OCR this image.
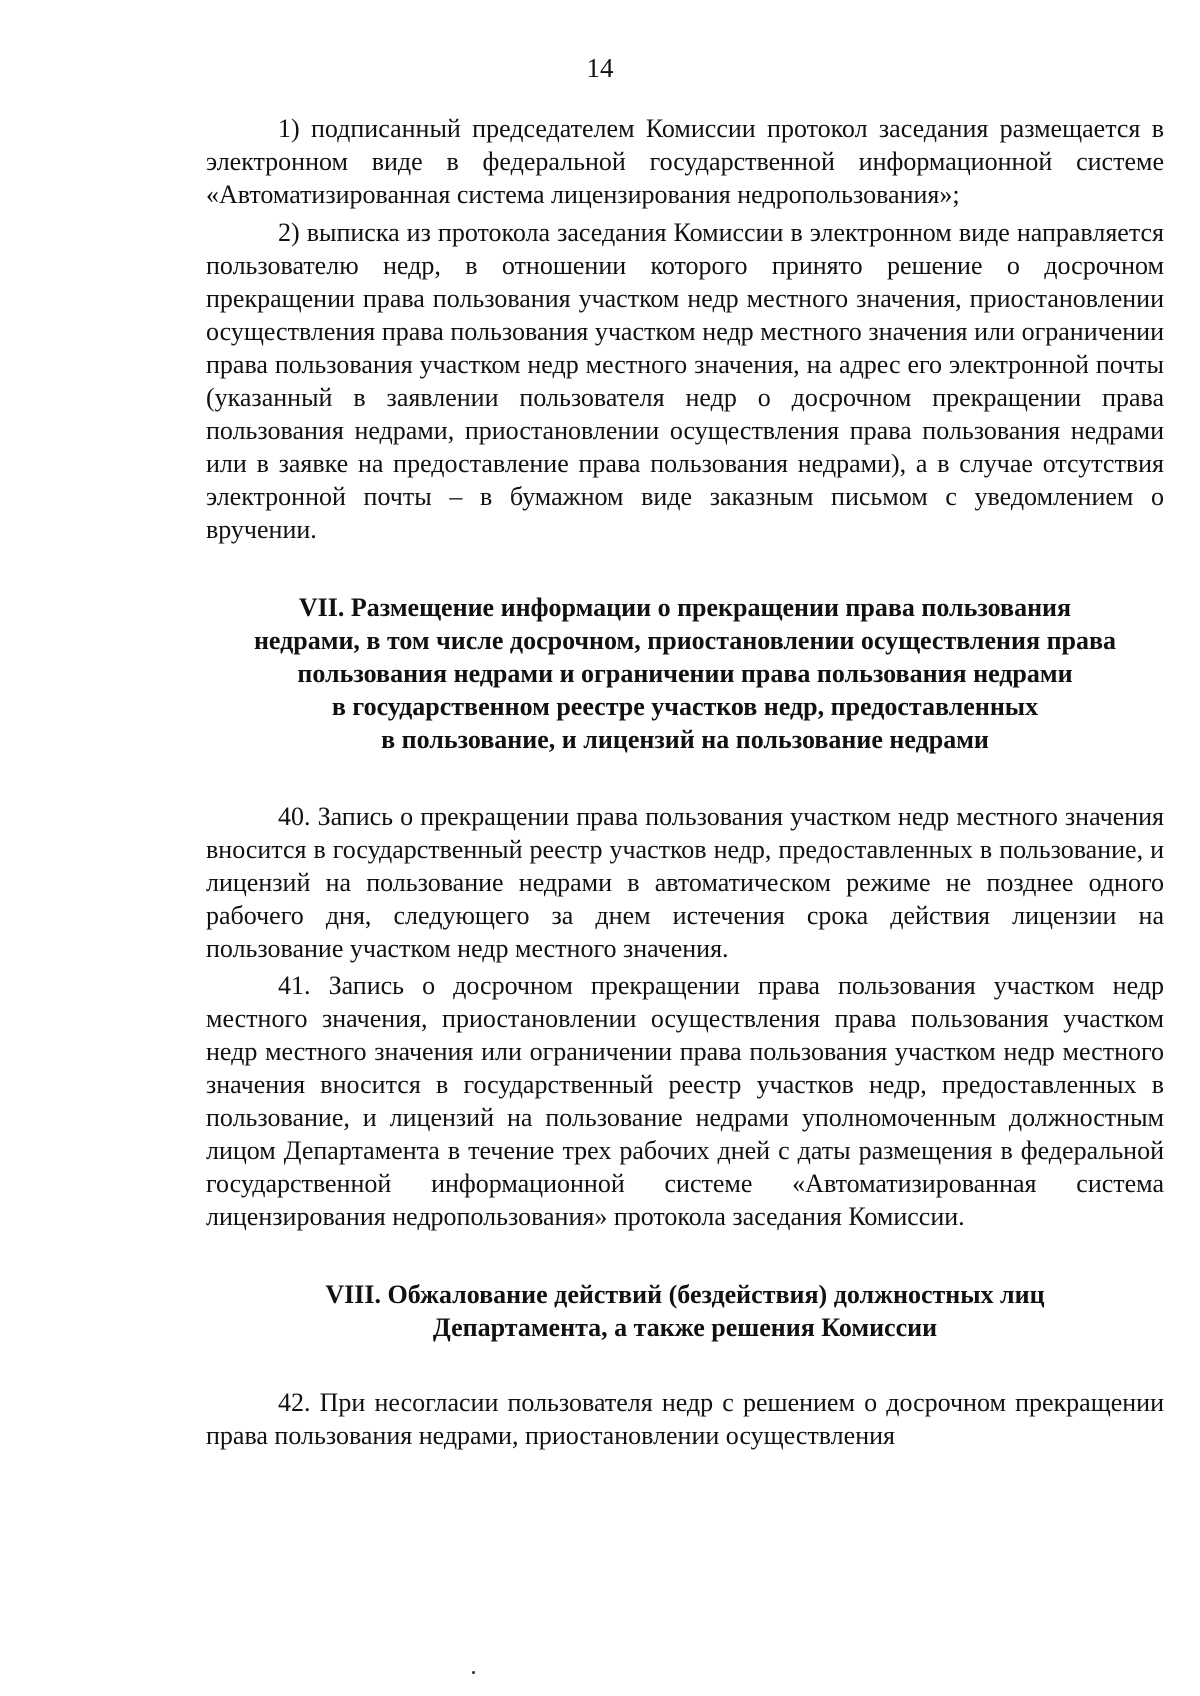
14

1) подписанный председателем Комиссии протокол заседания размещается в электронном виде в федеральной государственной информационной системе «Автоматизированная система лицензирования недропользования»;

2) выписка из протокола заседания Комиссии в электронном виде направляется пользователю недр, в отношении которого принято решение о досрочном прекращении права пользования участком недр местного значения, приостановлении осуществления права пользования участком недр местного значения или ограничении права пользования участком недр местного значения, на адрес его электронной почты (указанный в заявлении пользователя недр о досрочном прекращении права пользования недрами, приостановлении осуществления права пользования недрами или в заявке на предоставление права пользования недрами), а в случае отсутствия электронной почты – в бумажном виде заказным письмом с уведомлением о вручении.

VII. Размещение информации о прекращении права пользования
недрами, в том числе досрочном, приостановлении осуществления права
пользования недрами и ограничении права пользования недрами
в государственном реестре участков недр, предоставленных
в пользование, и лицензий на пользование недрами

40. Запись о прекращении права пользования участком недр местного значения вносится в государственный реестр участков недр, предоставленных в пользование, и лицензий на пользование недрами в автоматическом режиме не позднее одного рабочего дня, следующего за днем истечения срока действия лицензии на пользование участком недр местного значения.

41. Запись о досрочном прекращении права пользования участком недр местного значения, приостановлении осуществления права пользования участком недр местного значения или ограничении права пользования участком недр местного значения вносится в государственный реестр участков недр, предоставленных в пользование, и лицензий на пользование недрами уполномоченным должностным лицом Департамента в течение трех рабочих дней с даты размещения в федеральной государственной информационной системе «Автоматизированная система лицензирования недропользования» протокола заседания Комиссии.

VIII. Обжалование действий (бездействия) должностных лиц
Департамента, а также решения Комиссии

42. При несогласии пользователя недр с решением о досрочном прекращении права пользования недрами, приостановлении осуществления
